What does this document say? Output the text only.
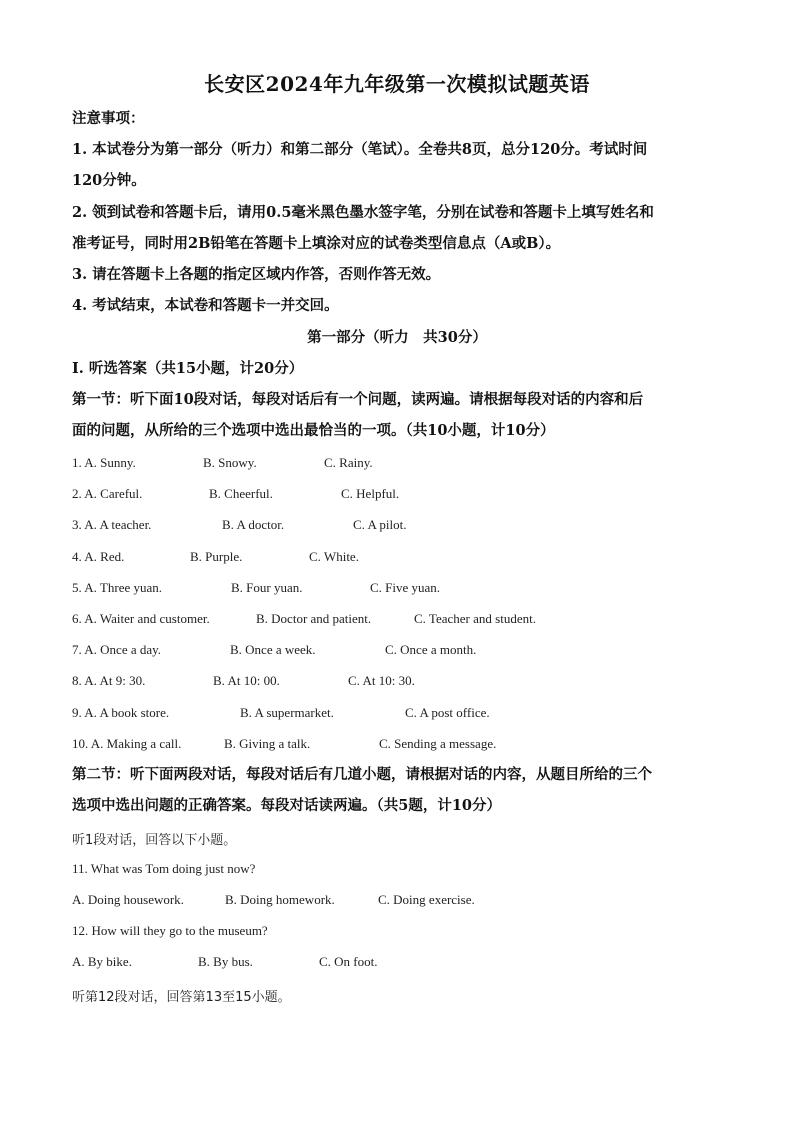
长安区2024年九年级第一次模拟试题英语
注意事项：
1. 本试卷分为第一部分（听力）和第二部分（笔试）。全卷共8页，总分120分。考试时间
120分钟。
2. 领到试卷和答题卡后，请用0.5毫米黑色墨水签字笔，分别在试卷和答题卡上填写姓名和
准考证号，同时用2B铅笔在答题卡上填涂对应的试卷类型信息点（A或B）。
3. 请在答题卡上各题的指定区域内作答，否则作答无效。
4. 考试结束，本试卷和答题卡一并交回。
第一部分（听力　共30分）
I. 听选答案（共15小题，计20分）
第一节：听下面10段对话，每段对话后有一个问题，读两遍。请根据每段对话的内容和后
面的问题，从所给的三个选项中选出最恰当的一项。（共10小题，计10分）
1. A. Sunny.	B. Snowy.	C. Rainy.
2. A. Careful.	B. Cheerful.	C. Helpful.
3. A. A teacher.	B. A doctor.	C. A pilot.
4. A. Red.	B. Purple.	C. White.
5. A. Three yuan.	B. Four yuan.	C. Five yuan.
6. A. Waiter and customer.	B. Doctor and patient.	C. Teacher and student.
7. A. Once a day.	B. Once a week.	C. Once a month.
8. A. At 9: 30.	B. At 10: 00.	C. At 10: 30.
9. A. A book store.	B. A supermarket.	C. A post office.
10. A. Making a call.	B. Giving a talk.	C. Sending a message.
第二节：听下面两段对话，每段对话后有几道小题，请根据对话的内容，从题目所给的三个
选项中选出问题的正确答案。每段对话读两遍。（共5题，计10分）
听1段对话，回答以下小题。
11. What was Tom doing just now?
A. Doing housework.	B. Doing homework.	C. Doing exercise.
12. How will they go to the museum?
A. By bike.	B. By bus.	C. On foot.
听第12段对话，回答第13至15小题。
